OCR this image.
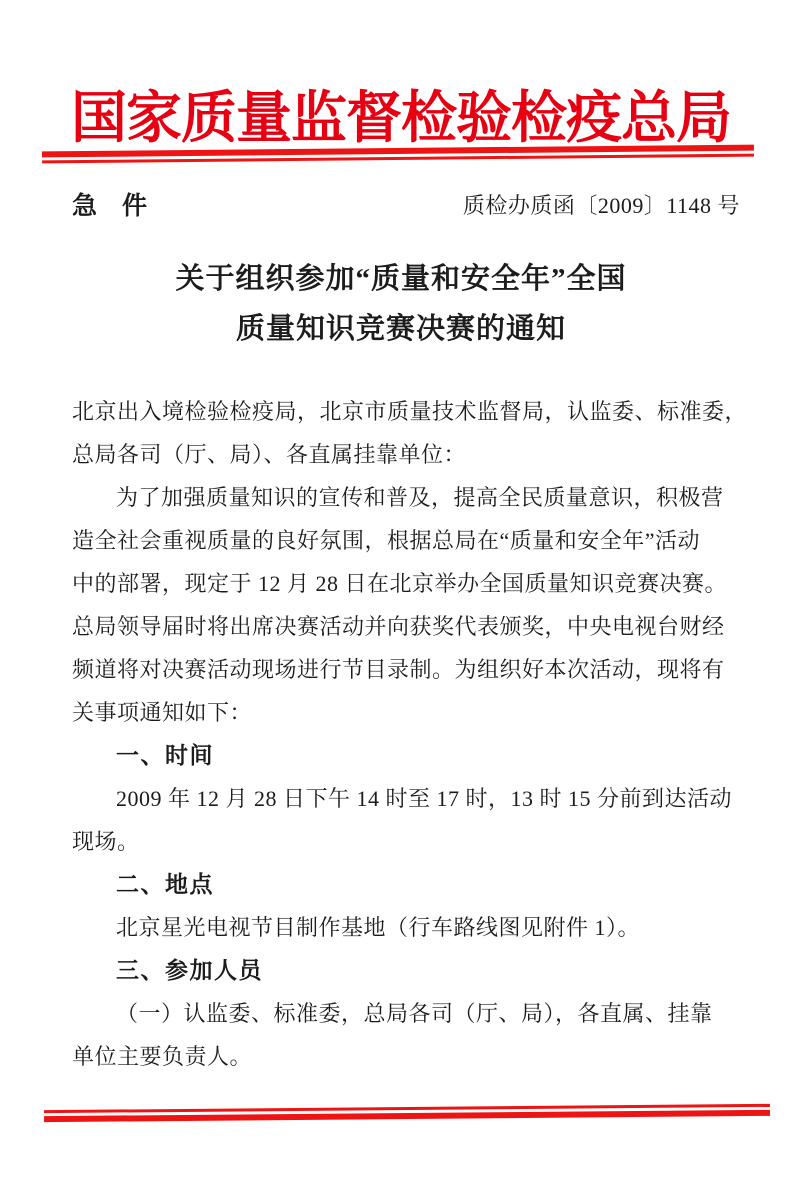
国家质量监督检验检疫总局
急　件	质检办质函〔2009〕1148 号
关于组织参加“质量和安全年”全国
质量知识竞赛决赛的通知
北京出入境检验检疫局，北京市质量技术监督局，认监委、标准委，
总局各司（厅、局）、各直属挂靠单位：
为了加强质量知识的宣传和普及，提高全民质量意识，积极营
造全社会重视质量的良好氛围，根据总局在“质量和安全年”活动
中的部署，现定于 12 月 28 日在北京举办全国质量知识竞赛决赛。
总局领导届时将出席决赛活动并向获奖代表颁奖，中央电视台财经
频道将对决赛活动现场进行节目录制。为组织好本次活动，现将有
关事项通知如下：
一、时间
2009 年 12 月 28 日下午 14 时至 17 时，13 时 15 分前到达活动
现场。
二、地点
北京星光电视节目制作基地（行车路线图见附件 1）。
三、参加人员
（一）认监委、标准委，总局各司（厅、局），各直属、挂靠
单位主要负责人。
